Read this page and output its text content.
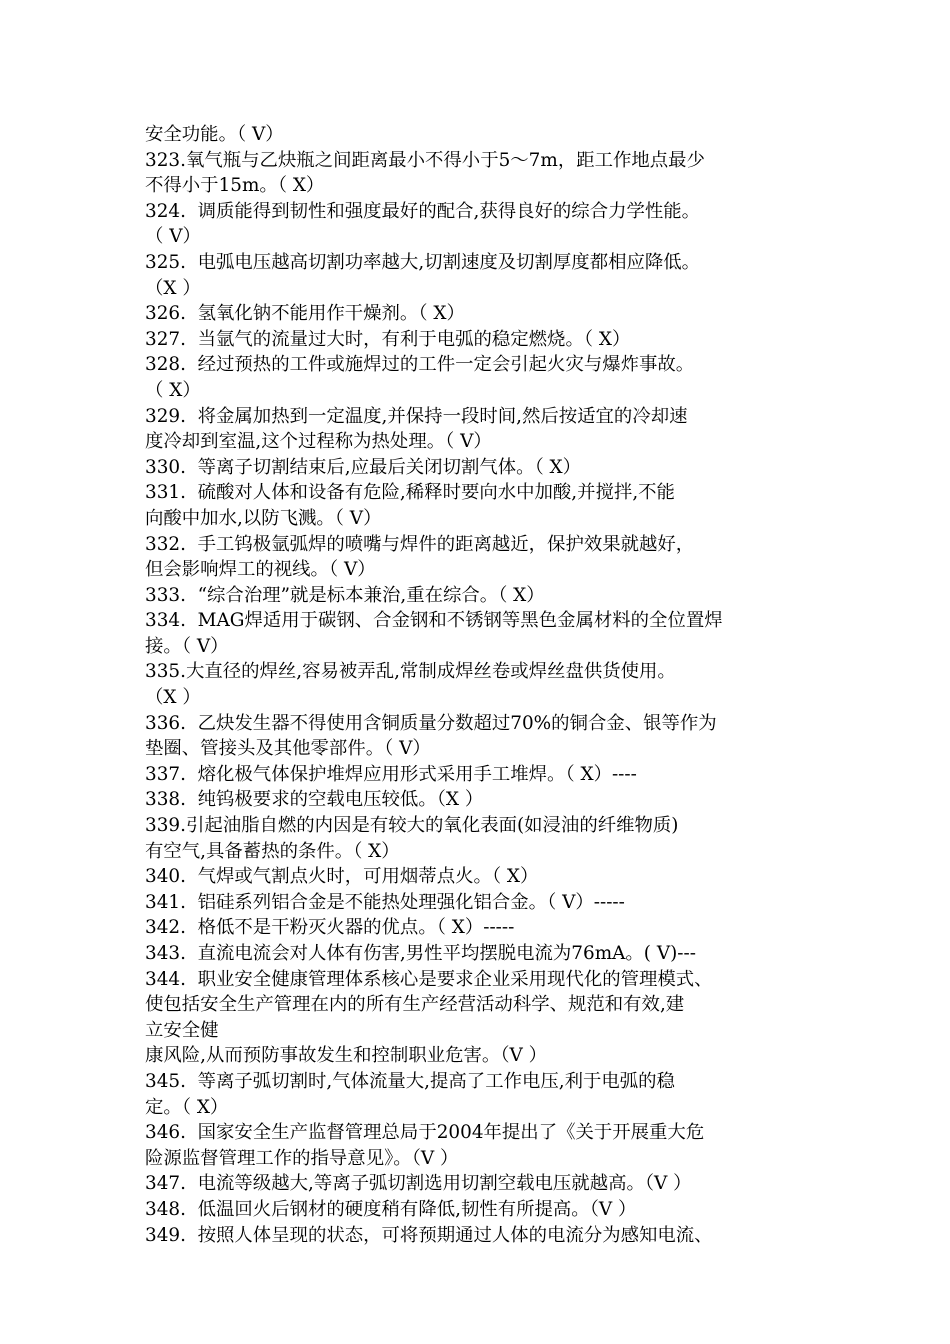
安全功能。（ V）
323.氧气瓶与乙炔瓶之间距离最小不得小于5～7m，距工作地点最少
不得小于15m。（ X）
324.  调质能得到韧性和强度最好的配合,获得良好的综合力学性能。
（ V）
325.  电弧电压越高切割功率越大,切割速度及切割厚度都相应降低。
（X ）
326.  氢氧化钠不能用作干燥剂。（ X）
327.  当氩气的流量过大时，有利于电弧的稳定燃烧。（ X）
328.  经过预热的工件或施焊过的工件一定会引起火灾与爆炸事故。
（ X）
329.  将金属加热到一定温度,并保持一段时间,然后按适宜的冷却速
度冷却到室温,这个过程称为热处理。（ V）
330.  等离子切割结束后,应最后关闭切割气体。（ X）
331.  硫酸对人体和设备有危险,稀释时要向水中加酸,并搅拌,不能
向酸中加水,以防飞溅。（ V）
332.  手工钨极氩弧焊的喷嘴与焊件的距离越近，保护效果就越好，
但会影响焊工的视线。（ V）
333.  “综合治理”就是标本兼治,重在综合。（ X）
334.  MAG焊适用于碳钢、合金钢和不锈钢等黑色金属材料的全位置焊
接。（ V）
335.大直径的焊丝,容易被弄乱,常制成焊丝卷或焊丝盘供货使用。
（X ）
336.  乙炔发生器不得使用含铜质量分数超过70%的铜合金、银等作为
垫圈、管接头及其他零部件。（ V）
337.  熔化极气体保护堆焊应用形式采用手工堆焊。（ X）----
338.  纯钨极要求的空载电压较低。（X ）
339.引起油脂自燃的内因是有较大的氧化表面(如浸油的纤维物质)
有空气,具备蓄热的条件。（ X）
340.  气焊或气割点火时，可用烟蒂点火。（ X）
341.  铝硅系列铝合金是不能热处理强化铝合金。（ V）-----
342.  格低不是干粉灭火器的优点。（ X）-----
343.  直流电流会对人体有伤害,男性平均摆脱电流为76mA。( V)---
344.  职业安全健康管理体系核心是要求企业采用现代化的管理模式、
使包括安全生产管理在内的所有生产经营活动科学、规范和有效,建
立安全健
康风险,从而预防事故发生和控制职业危害。（V ）
345.  等离子弧切割时,气体流量大,提高了工作电压,利于电弧的稳
定。（ X）
346.  国家安全生产监督管理总局于2004年提出了《关于开展重大危
险源监督管理工作的指导意见》。（V ）
347.  电流等级越大,等离子弧切割选用切割空载电压就越高。（V ）
348.  低温回火后钢材的硬度稍有降低,韧性有所提高。（V ）
349.  按照人体呈现的状态，可将预期通过人体的电流分为感知电流、
